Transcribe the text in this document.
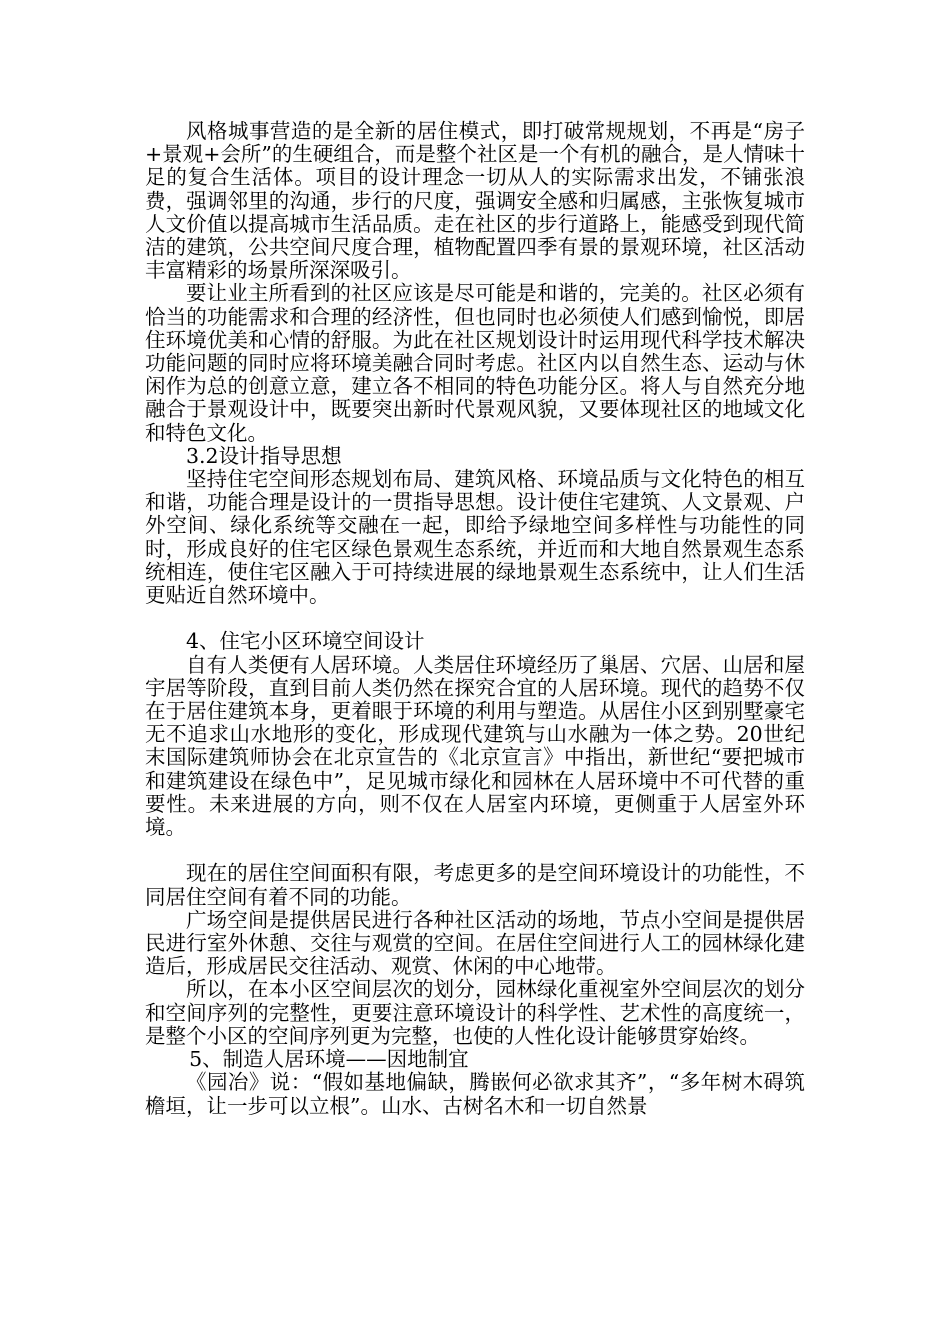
风格城事营造的是全新的居住模式，即打破常规规划，不再是“房子+景观+会所”的生硬组合，而是整个社区是一个有机的融合，是人情味十足的复合生活体。项目的设计理念一切从人的实际需求出发，不铺张浪费，强调邻里的沟通，步行的尺度，强调安全感和归属感，主张恢复城市人文价值以提高城市生活品质。走在社区的步行道路上，能感受到现代简洁的建筑，公共空间尺度合理，植物配置四季有景的景观环境，社区活动丰富精彩的场景所深深吸引。

要让业主所看到的社区应该是尽可能是和谐的，完美的。社区必须有恰当的功能需求和合理的经济性，但也同时也必须使人们感到愉悦，即居住环境优美和心情的舒服。为此在社区规划设计时运用现代科学技术解决功能问题的同时应将环境美融合同时考虑。社区内以自然生态、运动与休闲作为总的创意立意，建立各不相同的特色功能分区。将人与自然充分地融合于景观设计中，既要突出新时代景观风貌，又要体现社区的地域文化和特色文化。

3.2设计指导思想

坚持住宅空间形态规划布局、建筑风格、环境品质与文化特色的相互和谐，功能合理是设计的一贯指导思想。设计使住宅建筑、人文景观、户外空间、绿化系统等交融在一起，即给予绿地空间多样性与功能性的同时，形成良好的住宅区绿色景观生态系统，并近而和大地自然景观生态系统相连，使住宅区融入于可持续进展的绿地景观生态系统中，让人们生活更贴近自然环境中。

4、住宅小区环境空间设计

自有人类便有人居环境。人类居住环境经历了巢居、穴居、山居和屋宇居等阶段，直到目前人类仍然在探究合宜的人居环境。现代的趋势不仅在于居住建筑本身，更着眼于环境的利用与塑造。从居住小区到别墅豪宅无不追求山水地形的变化，形成现代建筑与山水融为一体之势。20世纪末国际建筑师协会在北京宣告的《北京宣言》中指出，新世纪“要把城市和建筑建设在绿色中”，足见城市绿化和园林在人居环境中不可代替的重要性。未来进展的方向，则不仅在人居室内环境，更侧重于人居室外环境。

现在的居住空间面积有限，考虑更多的是空间环境设计的功能性，不同居住空间有着不同的功能。

广场空间是提供居民进行各种社区活动的场地，节点小空间是提供居民进行室外休憩、交往与观赏的空间。在居住空间进行人工的园林绿化建造后，形成居民交往活动、观赏、休闲的中心地带。

所以，在本小区空间层次的划分，园林绿化重视室外空间层次的划分和空间序列的完整性，更要注意环境设计的科学性、艺术性的高度统一，是整个小区的空间序列更为完整，也使的人性化设计能够贯穿始终。

5、制造人居环境——因地制宜

《园冶》说：“假如基地偏缺，腾嵌何必欲求其齐”，“多年树木碍筑檐垣，让一步可以立根”。山水、古树名木和一切自然景
